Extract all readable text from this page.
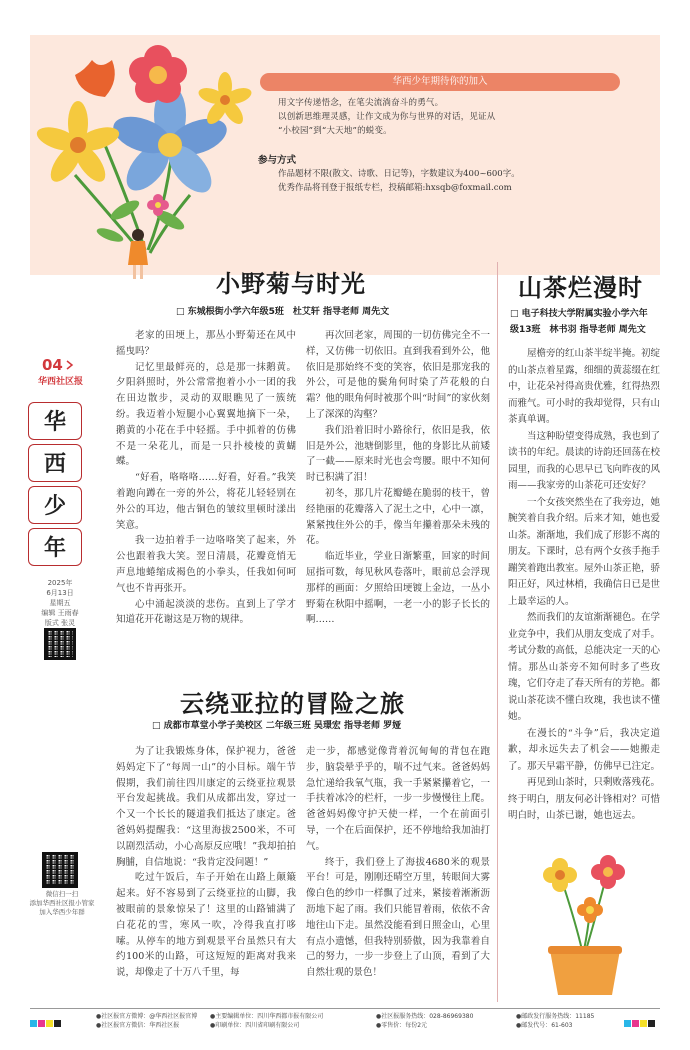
华西少年期待你的加入

用文字传递悟念，在笔尖流淌奋斗的勇气。

以创新思维理灵感，让作文成为你与世界的对话，见证从

“小校园”到“大天地”的蜕变。

参与方式

作品题材不限(散文、诗歌、日记等)，字数建议为400~600字。

优秀作品将刊登于报纸专栏，投稿邮箱:hxsqb@foxmail.com

04
华西社区报
华
西
少
年
2025年
6月13日
星期五
编辑 王雨春
版式 张灵
微信扫一扫
添加华西社区报小管家
加入华西少年群
小野菊与时光
□ 东城根街小学六年级5班　杜艾轩 指导老师 周先文

老家的田埂上，那丛小野菊还在风中摇曳吗？

记忆里最鲜亮的，总是那一抹鹅黄。夕阳斜照时，外公常常抱着小小一团的我在田边散步，灵动的双眼瞧见了一簇统纷。我迈着小短腿小心翼翼地摘下一朵，鹅黄的小花在手中轻摇。手中抓着的仿佛不是一朵花儿，而是一只扑棱棱的黄蝴蝶。

“好看，咯咯咯……好看，好看。”我笑着跑向蹲在一旁的外公，将花儿轻轻别在外公的耳边，他古铜色的皱纹里顿时漾出笑意。

我一边拍着手一边咯咯笑了起来，外公也跟着我大笑。翌日清晨，花瓣竟悄无声息地蜷缩成褐色的小拳头，任我如何呵气也不肯再张开。

心中涌起淡淡的悲伤。直到上了学才知道花开花谢这是万物的规律。

再次回老家，周围的一切仿佛完全不一样，又仿佛一切依旧。直到我看到外公，他依旧是那始终不变的笑容，依旧是那宠我的外公，可是他的鬓角何时染了芦花般的白霜？他的眼角何时被那个叫“时间”的家伙刻上了深深的沟壑？

我们沿着旧时小路徐行，依旧是我，依旧是外公，池塘倒影里，他的身影比从前矮了一截——原来时光也会弯腰。眼中不知何时已积满了泪！

初冬，那几片花瓣蜷在脆弱的枝干，曾经艳丽的花瓣落入了泥土之中，心中一凛，紧紧拽住外公的手，像当年攥着那朵未残的花。

临近毕业，学业日渐繁重，回家的时间屈指可数，每见秋风卷落叶，眼前总会浮现那样的画面：夕照给田埂镀上金边，一丛小野菊在秋阳中摇啊，一老一小的影子长长的啊……

山茶烂漫时
□ 电子科技大学附属实验小学六年
级13班　林书羽 指导老师 周先文

屋檐旁的红山茶半绽半掩。初绽的山茶点着星露，细细的黄蕊缀在红中，让花朵衬得高贵优雅，红得热烈而雅气。可小时的我却觉得，只有山茶真单调。

当这种盼望变得成熟，我也到了读书的年纪。晨读的诗韵还回荡在校园里，而我的心思早已飞向昨夜的风雨——我家旁的山茶花可还安好？

一个女孩突然坐在了我旁边，她腕笑着自我介绍。后来才知，她也爱山茶。渐渐地，我们成了形影不离的朋友。下课时，总有两个女孩手拖手蹦笑着跑出教室。屋外山茶正艳，骄阳正好，风过林梢，我确信日已是世上最幸运的人。

然而我们的友谊渐渐褪色。在学业竞争中，我们从朋友变成了对手。考试分数的高低，总能决定一天的心情。那丛山茶旁不知何时多了些玫瑰，它们夺走了春天所有的芳艳。都说山茶花读不懂白玫瑰，我也读不懂她。

在漫长的“斗争”后，我决定道歉，却永远失去了机会——她搬走了。那天早霜平静，仿佛早已注定。

再见到山茶时，只剩败落残花。终于明白，朋友何必计锋相对？可惜明白时，山茶已谢，她也远去。

云绕亚拉的冒险之旅
□ 成都市草堂小学子美校区 二年级三班 吴璟宏 指导老师 罗娅

为了让我锻炼身体，保护视力，爸爸妈妈定下了“每周一山”的小目标。端午节假期，我们前往四川康定的云绕亚拉观景平台发起挑战。我们从成都出发，穿过一个又一个长长的隧道我们抵达了康定。爸爸妈妈提醒我：“这里海拔2500米，不可以剧烈活动，小心高原反应哦！”我却拍拍胸脯，自信地说：“我肯定没问题！”

吃过午饭后，车子开始在山路上颠簸起来。好不容易到了云绕亚拉的山脚，我被眼前的景象惊呆了！这里的山路铺满了白花花的雪，寒风一吹，冷得我直打哆嗦。从停车的地方到观景平台虽然只有大约100米的山路，可这短短的距离对我来说，却像走了十万八千里，每

走一步，都感觉像背着沉甸甸的背包在跑步，脑袋晕乎乎的，喘不过气来。爸爸妈妈急忙递给我氧气瓶，我一手紧紧攥着它，一手扶着冰冷的栏杆，一步一步慢慢往上爬。爸爸妈妈像守护天使一样，一个在前面引导，一个在后面保护，还不停地给我加油打气。

终于，我们登上了海拔4680米的观景平台！可是，刚刚还晴空万里，转眼间大雾像白色的纱巾一样飘了过来，紧接着淅淅沥沥地下起了雨。我们只能冒着雨，依依不舍地往山下走。虽然没能看到日照金山，心里有点小遗憾，但我特别骄傲，因为我靠着自己的努力，一步一步登上了山顶，看到了大自然壮观的景色！

●社区报官方微博：@华西社区报官博
●社区报官方微信：华西社区报
●主要编辑单位：四川华西都市报有限公司
●印刷单位：四川省印刷有限公司
●社区报服务热线：028-86969380
●零售价：每份2元
●邮政发行服务热线：11185
●邮发代号：61-603
